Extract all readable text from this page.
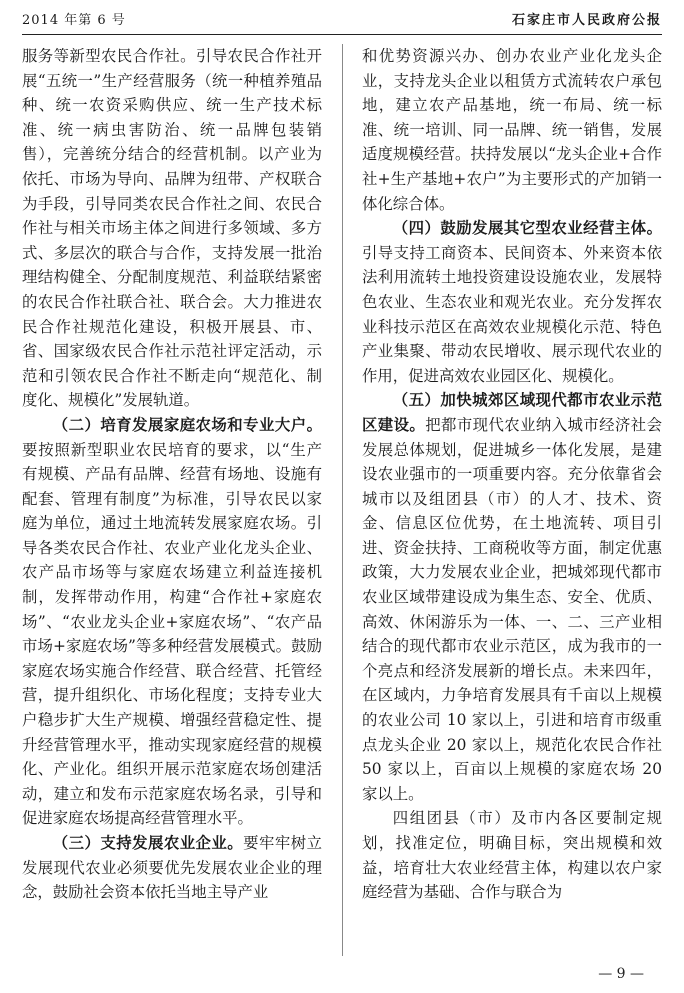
2014 年第 6 号	石家庄市人民政府公报

服务等新型农民合作社。引导农民合作社开展“五统一”生产经营服务（统一种植养殖品种、统一农资采购供应、统一生产技术标准、统一病虫害防治、统一品牌包装销售），完善统分结合的经营机制。以产业为依托、市场为导向、品牌为纽带、产权联合为手段，引导同类农民合作社之间、农民合作社与相关市场主体之间进行多领域、多方式、多层次的联合与合作，支持发展一批治理结构健全、分配制度规范、利益联结紧密的农民合作社联合社、联合会。大力推进农民合作社规范化建设，积极开展县、市、省、国家级农民合作社示范社评定活动，示范和引领农民合作社不断走向“规范化、制度化、规模化”发展轨道。

（二）培育发展家庭农场和专业大户。要按照新型职业农民培育的要求，以“生产有规模、产品有品牌、经营有场地、设施有配套、管理有制度”为标准，引导农民以家庭为单位，通过土地流转发展家庭农场。引导各类农民合作社、农业产业化龙头企业、农产品市场等与家庭农场建立利益连接机制，发挥带动作用，构建“合作社+家庭农场”、“农业龙头企业+家庭农场”、“农产品市场+家庭农场”等多种经营发展模式。鼓励家庭农场实施合作经营、联合经营、托管经营，提升组织化、市场化程度；支持专业大户稳步扩大生产规模、增强经营稳定性、提升经营管理水平，推动实现家庭经营的规模化、产业化。组织开展示范家庭农场创建活动，建立和发布示范家庭农场名录，引导和促进家庭农场提高经营管理水平。

（三）支持发展农业企业。要牢牢树立发展现代农业必须要优先发展农业企业的理念，鼓励社会资本依托当地主导产业

和优势资源兴办、创办农业产业化龙头企业，支持龙头企业以租赁方式流转农户承包地，建立农产品基地，统一布局、统一标准、统一培训、同一品牌、统一销售，发展适度规模经营。扶持发展以“龙头企业+合作社+生产基地+农户”为主要形式的产加销一体化综合体。

（四）鼓励发展其它型农业经营主体。引导支持工商资本、民间资本、外来资本依法利用流转土地投资建设设施农业，发展特色农业、生态农业和观光农业。充分发挥农业科技示范区在高效农业规模化示范、特色产业集聚、带动农民增收、展示现代农业的作用，促进高效农业园区化、规模化。

（五）加快城郊区域现代都市农业示范区建设。把都市现代农业纳入城市经济社会发展总体规划，促进城乡一体化发展，是建设农业强市的一项重要内容。充分依靠省会城市以及组团县（市）的人才、技术、资金、信息区位优势，在土地流转、项目引进、资金扶持、工商税收等方面，制定优惠政策，大力发展农业企业，把城郊现代都市农业区域带建设成为集生态、安全、优质、高效、休闲游乐为一体、一、二、三产业相结合的现代都市农业示范区，成为我市的一个亮点和经济发展新的增长点。未来四年，在区域内，力争培育发展具有千亩以上规模的农业公司 10 家以上，引进和培育市级重点龙头企业 20 家以上，规范化农民合作社 50 家以上，百亩以上规模的家庭农场 20 家以上。

四组团县（市）及市内各区要制定规划，找准定位，明确目标，突出规模和效益，培育壮大农业经营主体，构建以农户家庭经营为基础、合作与联合为

— 9 —
